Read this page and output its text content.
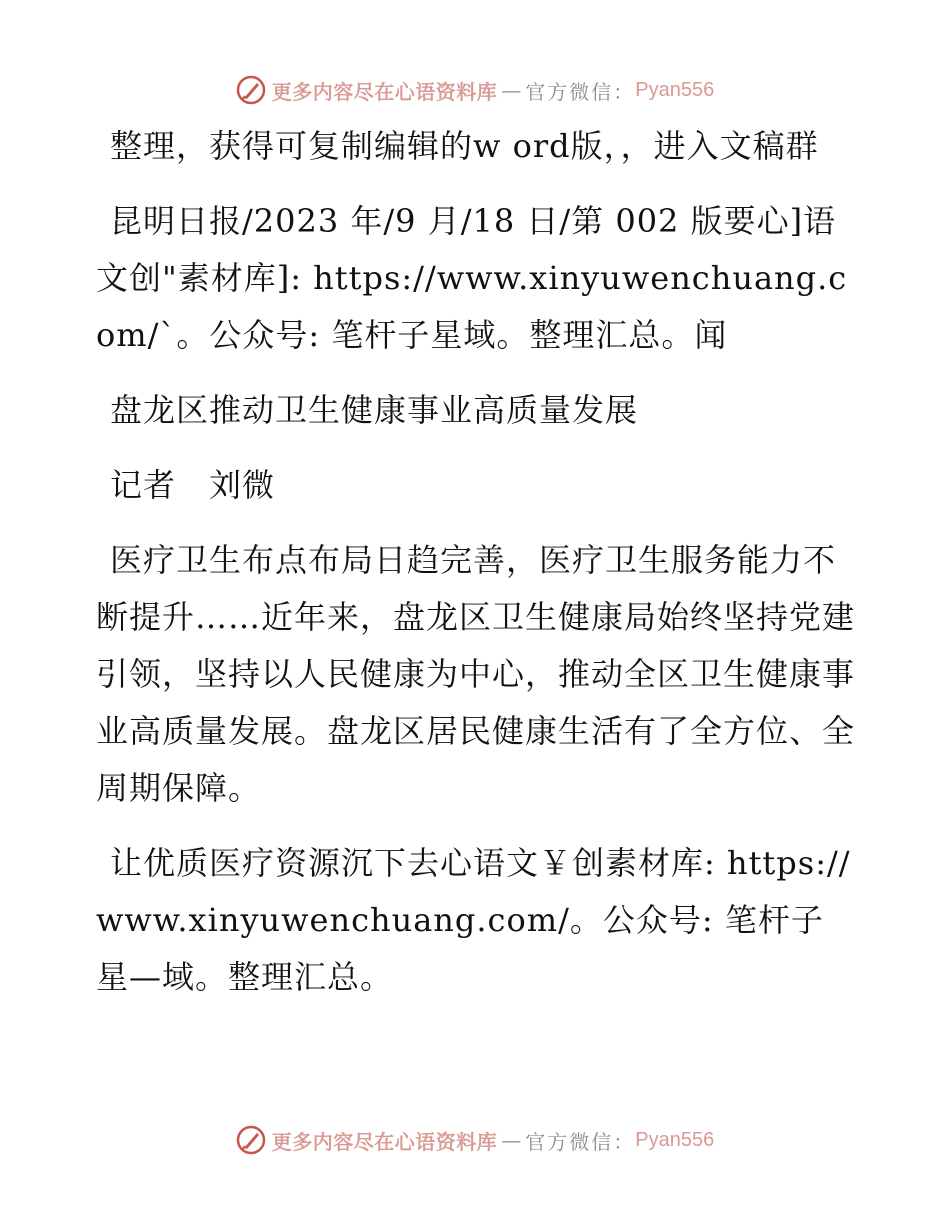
更多内容尽在心语资料库 — 官方微信： Pyan556

整理，获得可复制编辑的w ord版，，进入文稿群

昆明日报/2023 年/9 月/18 日/第 002 版要心]语文创"素材库]: https://www.xinyuwenchuang.com/`。公众号: 笔杆子星域。整理汇总。闻

盘龙区推动卫生健康事业高质量发展

记者　刘微

医疗卫生布点布局日趋完善，医疗卫生服务能力不断提升……近年来，盘龙区卫生健康局始终坚持党建引领，坚持以人民健康为中心，推动全区卫生健康事业高质量发展。盘龙区居民健康生活有了全方位、全周期保障。

让优质医疗资源沉下去心语文￥创素材库: https://www.xinyuwenchuang.com/。公众号: 笔杆子星—域。整理汇总。

更多内容尽在心语资料库 — 官方微信： Pyan556
